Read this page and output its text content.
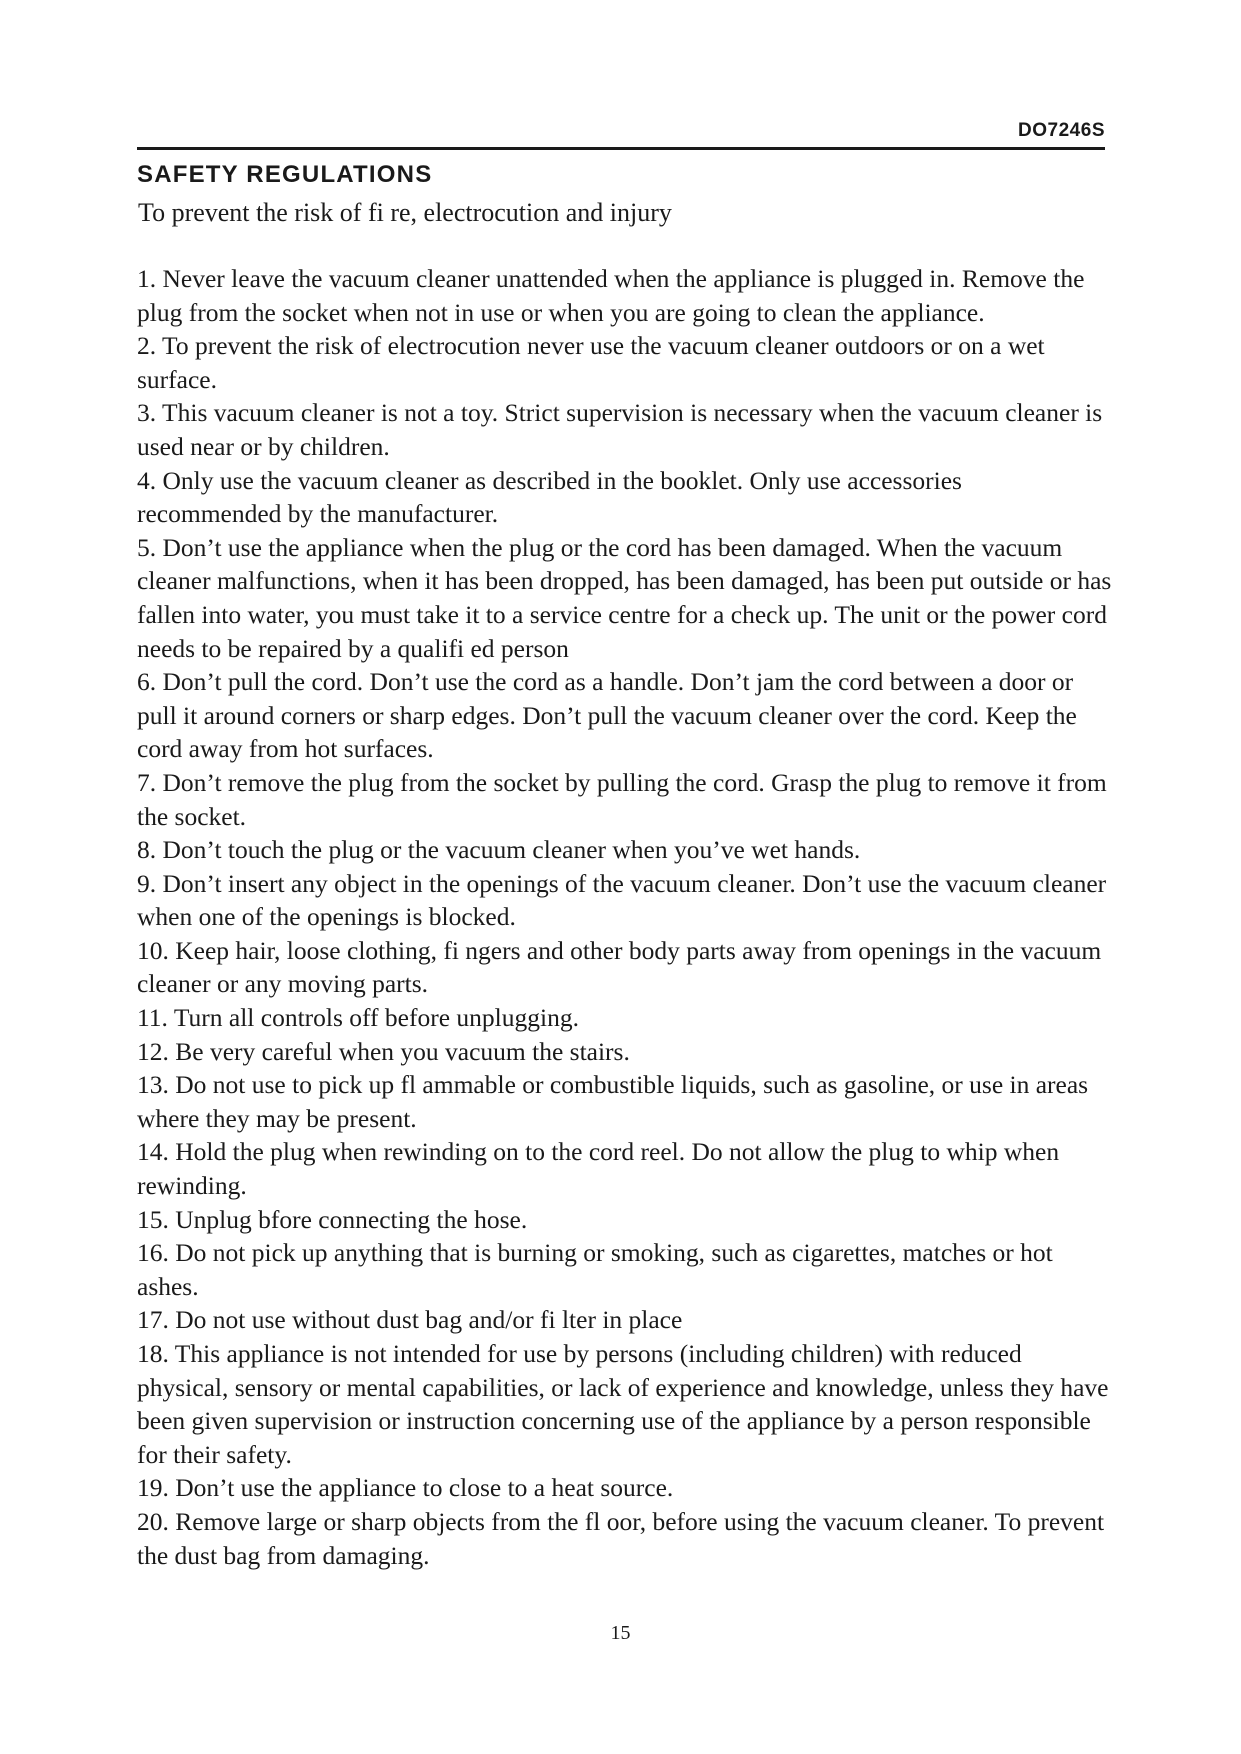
DO7246S
SAFETY REGULATIONS
To prevent the risk of fi re, electrocution and injury
1. Never leave the vacuum cleaner unattended when the appliance is plugged in. Remove the plug from the socket when not in use or when you are going to clean the appliance.
2. To prevent the risk of electrocution never use the vacuum cleaner outdoors or on a wet surface.
3. This vacuum cleaner is not a toy. Strict supervision is necessary when the vacuum cleaner is used near or by children.
4. Only use the vacuum cleaner as described in the booklet. Only use accessories recommended by the manufacturer.
5. Don’t use the appliance when the plug or the cord has been damaged. When the vacuum cleaner malfunctions, when it has been dropped, has been damaged, has been put outside or has fallen into water, you must take it to a service centre for a check up. The unit or the power cord needs to be repaired by a qualifi ed person
6. Don’t pull the cord. Don’t use the cord as a handle. Don’t jam the cord between a door or pull it around corners or sharp edges. Don’t pull the vacuum cleaner over the cord. Keep the cord away from hot surfaces.
7. Don’t remove the plug from the socket by pulling the cord. Grasp the plug to remove it from the socket.
8. Don’t touch the plug or the vacuum cleaner when you’ve wet hands.
9. Don’t insert any object in the openings of the vacuum cleaner. Don’t use the vacuum cleaner when one of the openings is blocked.
10. Keep hair, loose clothing, fi ngers and other body parts away from openings in the vacuum cleaner or any moving parts.
11. Turn all controls off before unplugging.
12. Be very careful when you vacuum the stairs.
13. Do not use to pick up fl ammable or combustible liquids, such as gasoline, or use in areas where they may be present.
14. Hold the plug when rewinding on to the cord reel. Do not allow the plug to whip when rewinding.
15. Unplug bfore connecting the hose.
16. Do not pick up anything that is burning or smoking, such as cigarettes, matches or hot ashes.
17. Do not use without dust bag and/or fi lter in place
18. This appliance is not intended for use by persons (including children) with reduced physical, sensory or mental capabilities, or lack of experience and knowledge, unless they have been given supervision or instruction concerning use of the appliance by a person responsible for their safety.
19. Don’t use the appliance to close to a heat source.
20. Remove large or sharp objects from the fl oor, before using the vacuum cleaner. To prevent the dust bag from damaging.
15
